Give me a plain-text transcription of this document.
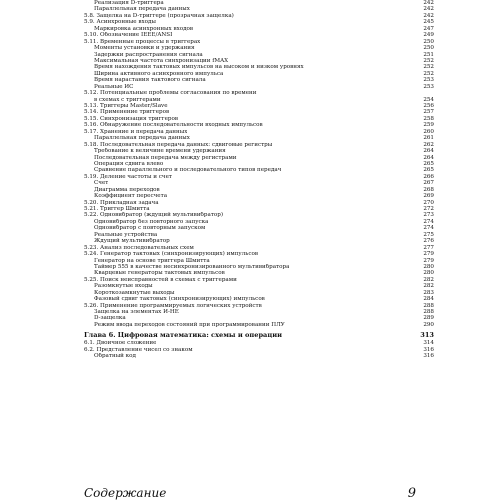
Реализация D-триггера	242
Параллельная передача данных	242
5.8. Защелка на D-триггере (прозрачная защелка)	242
5.9. Асинхронные входы	245
Маркировка асинхронных входов	247
5.10. Обозначение IEEE/ANSI	249
5.11. Временные процессы в триггерах	250
Моменты установки и удержания	250
Задержки распространения сигнала	251
Максимальная частота синхронизации fMAX	252
Время нахождения тактовых импульсов на высоком и низком уровнях	252
Ширина активного асинхронного импульса	252
Время нарастания тактового сигнала	253
Реальные ИС	253
5.12. Потенциальные проблемы согласования по времени
в схемах с триггерами	254
5.13. Триггеры Master/Slave	256
5.14. Применение триггеров	257
5.15. Синхронизация триггеров	258
5.16. Обнаружение последовательности входных импульсов	259
5.17. Хранение и передача данных	260
Параллельная передача данных	261
5.18. Последовательная передача данных: сдвиговые регистры	262
Требование к величине времени удержания	264
Последовательная передача между регистрами	264
Операция сдвига влево	265
Сравнение параллельного и последовательного типов передач	265
5.19. Деление частоты и счет	266
Счет	267
Диаграмма переходов	268
Коэффициент пересчета	269
5.20. Прикладная задача	270
5.21. Триггер Шмитта	272
5.22. Одновибратор (ждущий мультивибратор)	273
Одновибратор без повторного запуска	274
Одновибратор с повторным запуском	274
Реальные устройства	275
Ждущий мультивибратор	276
5.23. Анализ последовательных схем	277
5.24. Генератор тактовых (синхронизирующих) импульсов	279
Генератор на основе триггера Шмитта	279
Таймер 555 в качестве несинхронизированного мультивибратора	280
Кварцевые генераторы тактовых импульсов	280
5.25. Поиск неисправностей в схемах с триггерами	282
Разомкнутые входы	282
Короткозамкнутые выходы	283
Фазовый сдвиг тактовых (синхронизирующих) импульсов	284
5.26. Применение программируемых логических устройств	288
Защелка на элементах И-НЕ	288
D-защелка	289
Режим ввода переходов состояний при программировании ПЛУ	290
Глава 6. Цифровая математика: схемы и операции	313
6.1. Двоичное сложение	314
6.2. Представление чисел со знаком	316
Обратный код	316
Содержание	9
